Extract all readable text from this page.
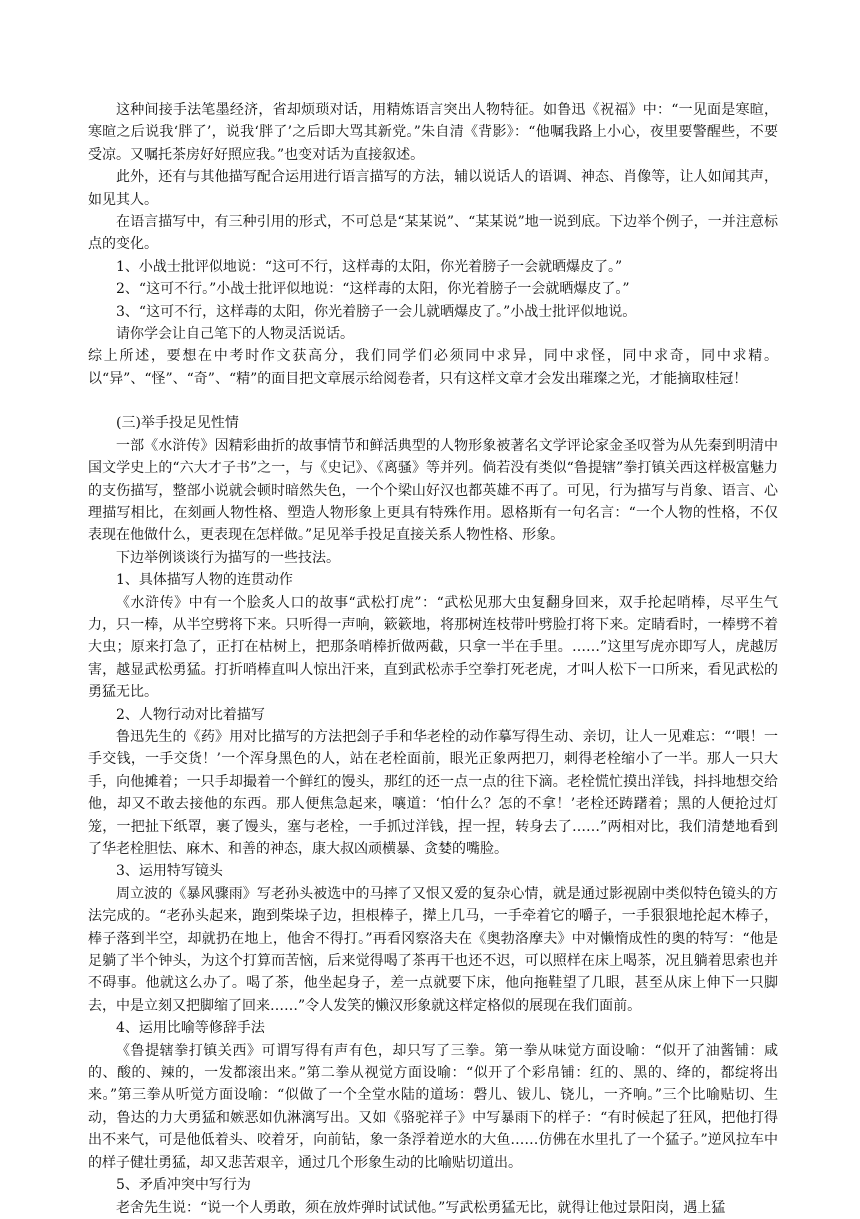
这种间接手法笔墨经济，省却烦琐对话，用精炼语言突出人物特征。如鲁迅《祝福》中：“一见面是寒暄，寒暄之后说我‘胖了’，说我‘胖了’之后即大骂其新党。”朱自清《背影》：“他嘱我路上小心，夜里要警醒些，不要受凉。又嘱托茶房好好照应我。”也变对话为直接叙述。

此外，还有与其他描写配合运用进行语言描写的方法，辅以说话人的语调、神态、肖像等，让人如闻其声，如见其人。

在语言描写中，有三种引用的形式，不可总是“某某说”、“某某说”地一说到底。下边举个例子，一并注意标点的变化。

1、小战士批评似地说：“这可不行，这样毒的太阳，你光着膀子一会就晒爆皮了。”

2、“这可不行。”小战士批评似地说：“这样毒的太阳，你光着膀子一会就晒爆皮了。”

3、“这可不行，这样毒的太阳，你光着膀子一会儿就晒爆皮了。”小战士批评似地说。

请你学会让自己笔下的人物灵活说话。

综上所述，要想在中考时作文获高分，我们同学们必须同中求异，同中求怪，同中求奇，同中求精。以“异”、“怪”、“奇”、“精”的面目把文章展示给阅卷者，只有这样文章才会发出璀璨之光，才能摘取桂冠！

(三)举手投足见性情

一部《水浒传》因精彩曲折的故事情节和鲜活典型的人物形象被著名文学评论家金圣叹誉为从先秦到明清中国文学史上的“六大才子书”之一，与《史记》、《离骚》等并列。倘若没有类似“鲁提辖”拳打镇关西这样极富魅力的支伤描写，整部小说就会顿时暗然失色，一个个梁山好汉也都英雄不再了。可见，行为描写与肖象、语言、心理描写相比，在刻画人物性格、塑造人物形象上更具有特殊作用。恩格斯有一句名言：“一个人物的性格，不仅表现在他做什么，更表现在怎样做。”足见举手投足直接关系人物性格、形象。

下边举例谈谈行为描写的一些技法。

1、具体描写人物的连贯动作

《水浒传》中有一个脍炙人口的故事“武松打虎”：“武松见那大虫复翻身回来，双手抡起哨棒，尽平生气力，只一棒，从半空劈将下来。只听得一声响，簌簌地，将那树连枝带叶劈脸打将下来。定睛看时，一棒劈不着大虫；原来打急了，正打在枯树上，把那条哨棒折做两截，只拿一半在手里。……”这里写虎亦即写人，虎越厉害，越显武松勇猛。打折哨棒直叫人惊出汗来，直到武松赤手空拳打死老虎，才叫人松下一口所来，看见武松的勇猛无比。

2、人物行动对比着描写

鲁迅先生的《药》用对比描写的方法把刽子手和华老栓的动作摹写得生动、亲切，让人一见难忘：“‘喂！一手交钱，一手交货！’一个浑身黑色的人，站在老栓面前，眼光正象两把刀，刺得老栓缩小了一半。那人一只大手，向他摊着；一只手却撮着一个鲜红的馒头，那红的还一点一点的往下滴。老栓慌忙摸出洋钱，抖抖地想交给他，却又不敢去接他的东西。那人便焦急起来，嚷道：‘怕什么？怎的不拿！’老栓还踌躇着；黑的人便抢过灯笼，一把扯下纸罩，裹了馒头，塞与老栓，一手抓过洋钱，捏一捏，转身去了……”两相对比，我们清楚地看到了华老栓胆怯、麻木、和善的神态，康大叔凶顽横暴、贪婪的嘴脸。

3、运用特写镜头

周立波的《暴风骤雨》写老孙头被选中的马摔了又恨又爱的复杂心情，就是通过影视剧中类似特色镜头的方法完成的。“老孙头起来，跑到柴垛子边，担根棒子，撵上几马，一手牵着它的嚼子，一手狠狠地抡起木棒子，棒子落到半空，却就扔在地上，他舍不得打。”再看冈察洛夫在《奥勃洛摩夫》中对懒惰成性的奥的特写：“他是足躺了半个钟头，为这个打算而苦恼，后来觉得喝了茶再干也还不迟，可以照样在床上喝茶，况且躺着思索也并不碍事。他就这么办了。喝了茶，他坐起身子，差一点就要下床，他向拖鞋望了几眼，甚至从床上伸下一只脚去，中是立刻又把脚缩了回来……”令人发笑的懒汉形象就这样定格似的展现在我们面前。

4、运用比喻等修辞手法

《鲁提辖拳打镇关西》可谓写得有声有色，却只写了三拳。第一拳从味觉方面设喻：“似开了油酱铺：咸的、酸的、辣的，一发都滚出来。”第二拳从视觉方面设喻：“似开了个彩帛铺：红的、黑的、绛的，都绽将出来。”第三拳从听觉方面设喻：“似做了一个全堂水陆的道场：磬儿、钹儿、铙儿，一齐响。”三个比喻贴切、生动，鲁达的力大勇猛和嫉恶如仇淋漓写出。又如《骆驼祥子》中写暴雨下的样子：“有时候起了狂风，把他打得出不来气，可是他低着头、咬着牙，向前钻，象一条浮着逆水的大鱼……仿佛在水里扎了一个猛子。”逆风拉车中的样子健壮勇猛，却又悲苦艰辛，通过几个形象生动的比喻贴切道出。

5、矛盾冲突中写行为

老舍先生说：“说一个人勇敢，须在放炸弹时试试他。”写武松勇猛无比，就得让他过景阳岗，遇上猛
